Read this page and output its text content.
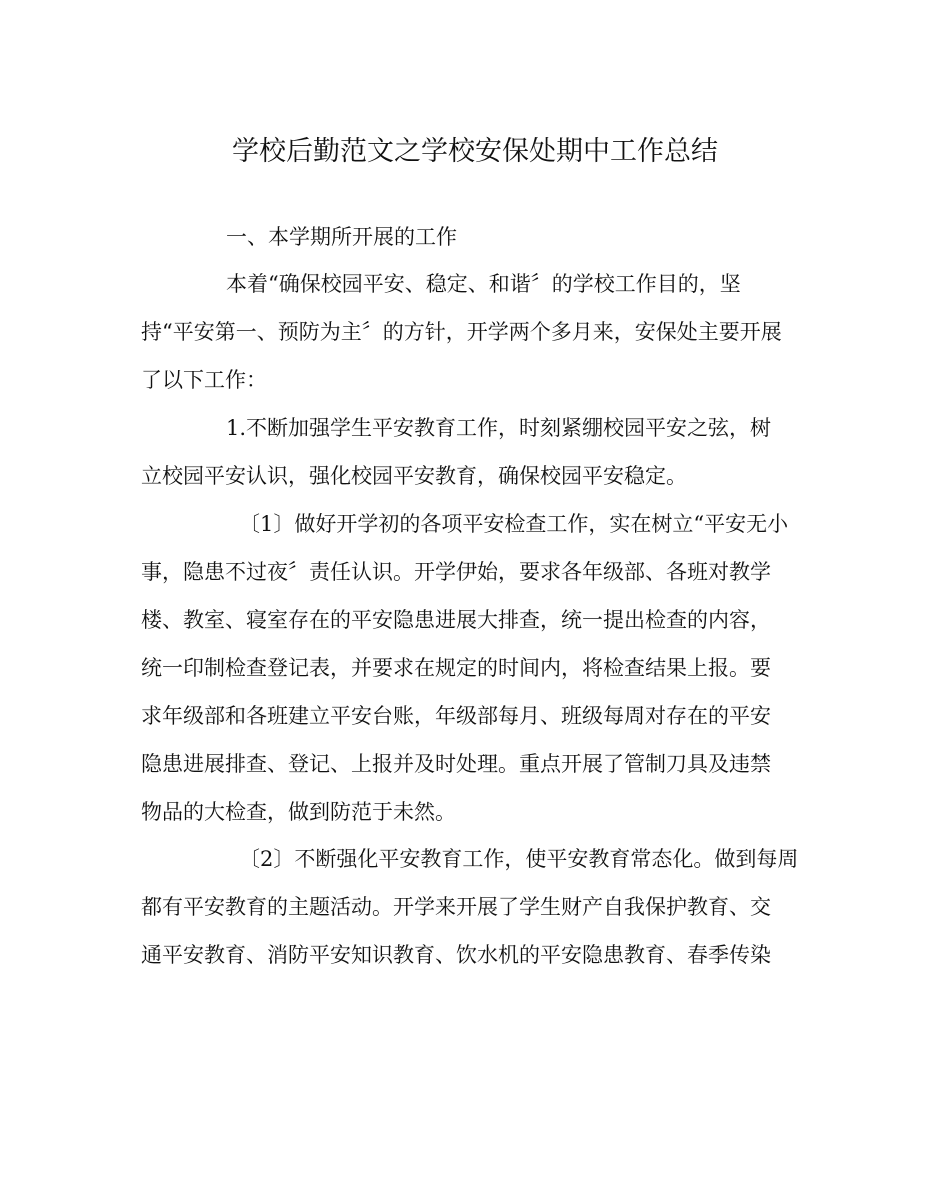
学校后勤范文之学校安保处期中工作总结
一、本学期所开展的工作
本着“确保校园平安、稳定、和谐〞的学校工作目的，坚
持“平安第一、预防为主〞的方针，开学两个多月来，安保处主要开展
了以下工作：
1.不断加强学生平安教育工作，时刻紧绷校园平安之弦，树
立校园平安认识，强化校园平安教育，确保校园平安稳定。
〔1〕做好开学初的各项平安检查工作，实在树立“平安无小
事，隐患不过夜〞责任认识。开学伊始，要求各年级部、各班对教学
楼、教室、寝室存在的平安隐患进展大排查，统一提出检查的内容，
统一印制检查登记表，并要求在规定的时间内，将检查结果上报。要
求年级部和各班建立平安台账，年级部每月、班级每周对存在的平安
隐患进展排查、登记、上报并及时处理。重点开展了管制刀具及违禁
物品的大检查，做到防范于未然。
〔2〕不断强化平安教育工作，使平安教育常态化。做到每周
都有平安教育的主题活动。开学来开展了学生财产自我保护教育、交
通平安教育、消防平安知识教育、饮水机的平安隐患教育、春季传染
